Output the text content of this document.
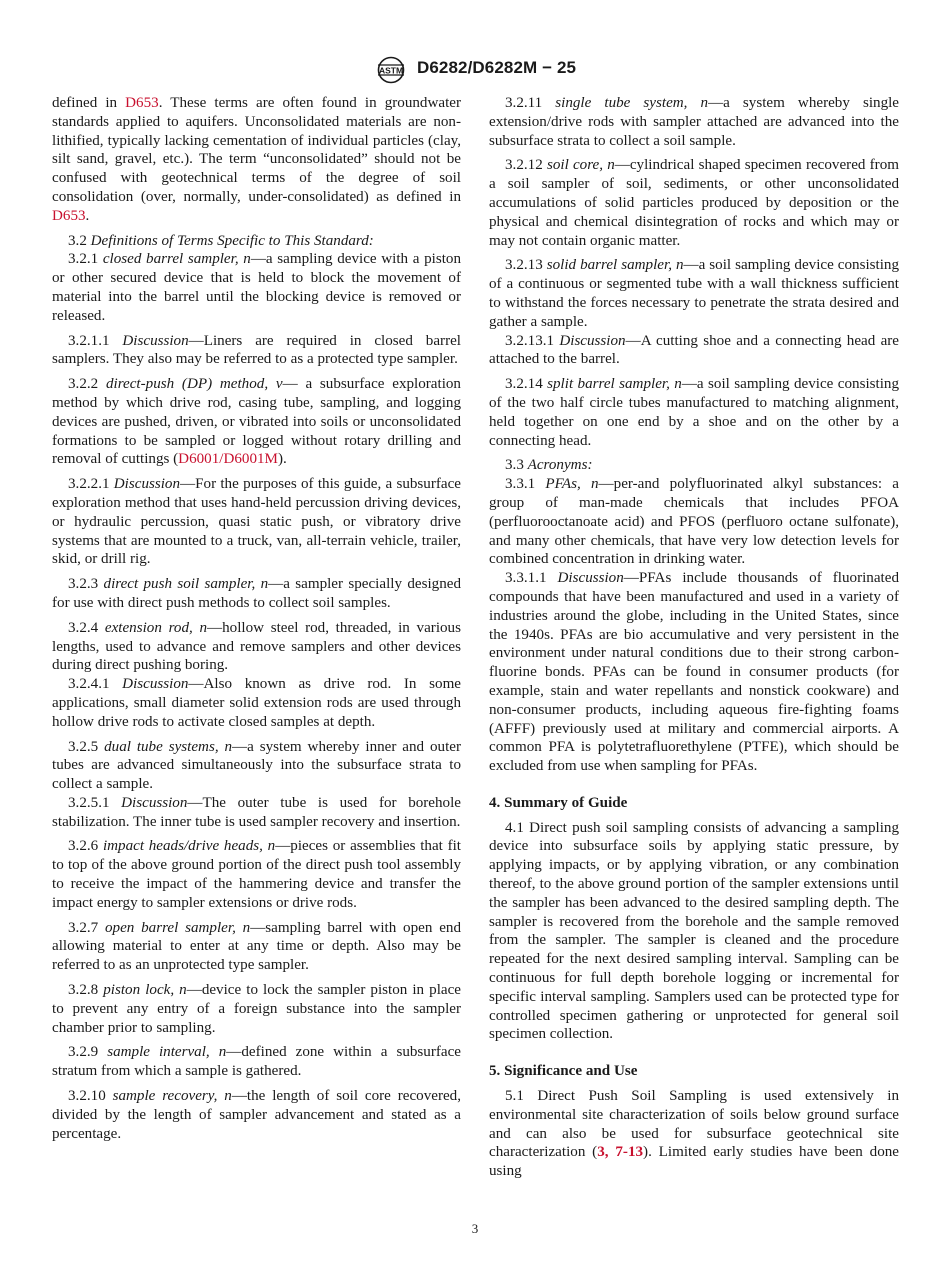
ASTM D6282/D6282M − 25

defined in D653. These terms are often found in groundwater standards applied to aquifers. Unconsolidated materials are non-lithified, typically lacking cementation of individual particles (clay, silt sand, gravel, etc.). The term “unconsolidated” should not be confused with geotechnical terms of the degree of soil consolidation (over, normally, under-consolidated) as defined in D653.

3.2 Definitions of Terms Specific to This Standard:

3.2.1 closed barrel sampler, n—a sampling device with a piston or other secured device that is held to block the movement of material into the barrel until the blocking device is removed or released.

3.2.1.1 Discussion—Liners are required in closed barrel samplers. They also may be referred to as a protected type sampler.

3.2.2 direct-push (DP) method, v— a subsurface exploration method by which drive rod, casing tube, sampling, and logging devices are pushed, driven, or vibrated into soils or unconsolidated formations to be sampled or logged without rotary drilling and removal of cuttings (D6001/D6001M).

3.2.2.1 Discussion—For the purposes of this guide, a subsurface exploration method that uses hand-held percussion driving devices, or hydraulic percussion, quasi static push, or vibratory drive systems that are mounted to a truck, van, all-terrain vehicle, trailer, skid, or drill rig.

3.2.3 direct push soil sampler, n—a sampler specially designed for use with direct push methods to collect soil samples.

3.2.4 extension rod, n—hollow steel rod, threaded, in various lengths, used to advance and remove samplers and other devices during direct pushing boring.

3.2.4.1 Discussion—Also known as drive rod. In some applications, small diameter solid extension rods are used through hollow drive rods to activate closed samples at depth.

3.2.5 dual tube systems, n—a system whereby inner and outer tubes are advanced simultaneously into the subsurface strata to collect a sample.

3.2.5.1 Discussion—The outer tube is used for borehole stabilization. The inner tube is used sampler recovery and insertion.

3.2.6 impact heads/drive heads, n—pieces or assemblies that fit to top of the above ground portion of the direct push tool assembly to receive the impact of the hammering device and transfer the impact energy to sampler extensions or drive rods.

3.2.7 open barrel sampler, n—sampling barrel with open end allowing material to enter at any time or depth. Also may be referred to as an unprotected type sampler.

3.2.8 piston lock, n—device to lock the sampler piston in place to prevent any entry of a foreign substance into the sampler chamber prior to sampling.

3.2.9 sample interval, n—defined zone within a subsurface stratum from which a sample is gathered.

3.2.10 sample recovery, n—the length of soil core recovered, divided by the length of sampler advancement and stated as a percentage.

3.2.11 single tube system, n—a system whereby single extension/drive rods with sampler attached are advanced into the subsurface strata to collect a soil sample.

3.2.12 soil core, n—cylindrical shaped specimen recovered from a soil sampler of soil, sediments, or other unconsolidated accumulations of solid particles produced by deposition or the physical and chemical disintegration of rocks and which may or may not contain organic matter.

3.2.13 solid barrel sampler, n—a soil sampling device consisting of a continuous or segmented tube with a wall thickness sufficient to withstand the forces necessary to penetrate the strata desired and gather a sample.

3.2.13.1 Discussion—A cutting shoe and a connecting head are attached to the barrel.

3.2.14 split barrel sampler, n—a soil sampling device consisting of the two half circle tubes manufactured to matching alignment, held together on one end by a shoe and on the other by a connecting head.

3.3 Acronyms:

3.3.1 PFAs, n—per-and polyfluorinated alkyl substances: a group of man-made chemicals that includes PFOA (perfluorooctanoate acid) and PFOS (perfluoro octane sulfonate), and many other chemicals, that have very low detection levels for combined concentration in drinking water.

3.3.1.1 Discussion—PFAs include thousands of fluorinated compounds that have been manufactured and used in a variety of industries around the globe, including in the United States, since the 1940s. PFAs are bio accumulative and very persistent in the environment under natural conditions due to their strong carbon-fluorine bonds. PFAs can be found in consumer products (for example, stain and water repellants and nonstick cookware) and non-consumer products, including aqueous fire-fighting foams (AFFF) previously used at military and commercial airports. A common PFA is polytetrafluorethylene (PTFE), which should be excluded from use when sampling for PFAs.

4. Summary of Guide

4.1 Direct push soil sampling consists of advancing a sampling device into subsurface soils by applying static pressure, by applying impacts, or by applying vibration, or any combination thereof, to the above ground portion of the sampler extensions until the sampler has been advanced to the desired sampling depth. The sampler is recovered from the borehole and the sample removed from the sampler. The sampler is cleaned and the procedure repeated for the next desired sampling interval. Sampling can be continuous for full depth borehole logging or incremental for specific interval sampling. Samplers used can be protected type for controlled specimen gathering or unprotected for general soil specimen collection.

5. Significance and Use

5.1 Direct Push Soil Sampling is used extensively in environmental site characterization of soils below ground surface and can also be used for subsurface geotechnical site characterization (3, 7-13). Limited early studies have been done using

3
